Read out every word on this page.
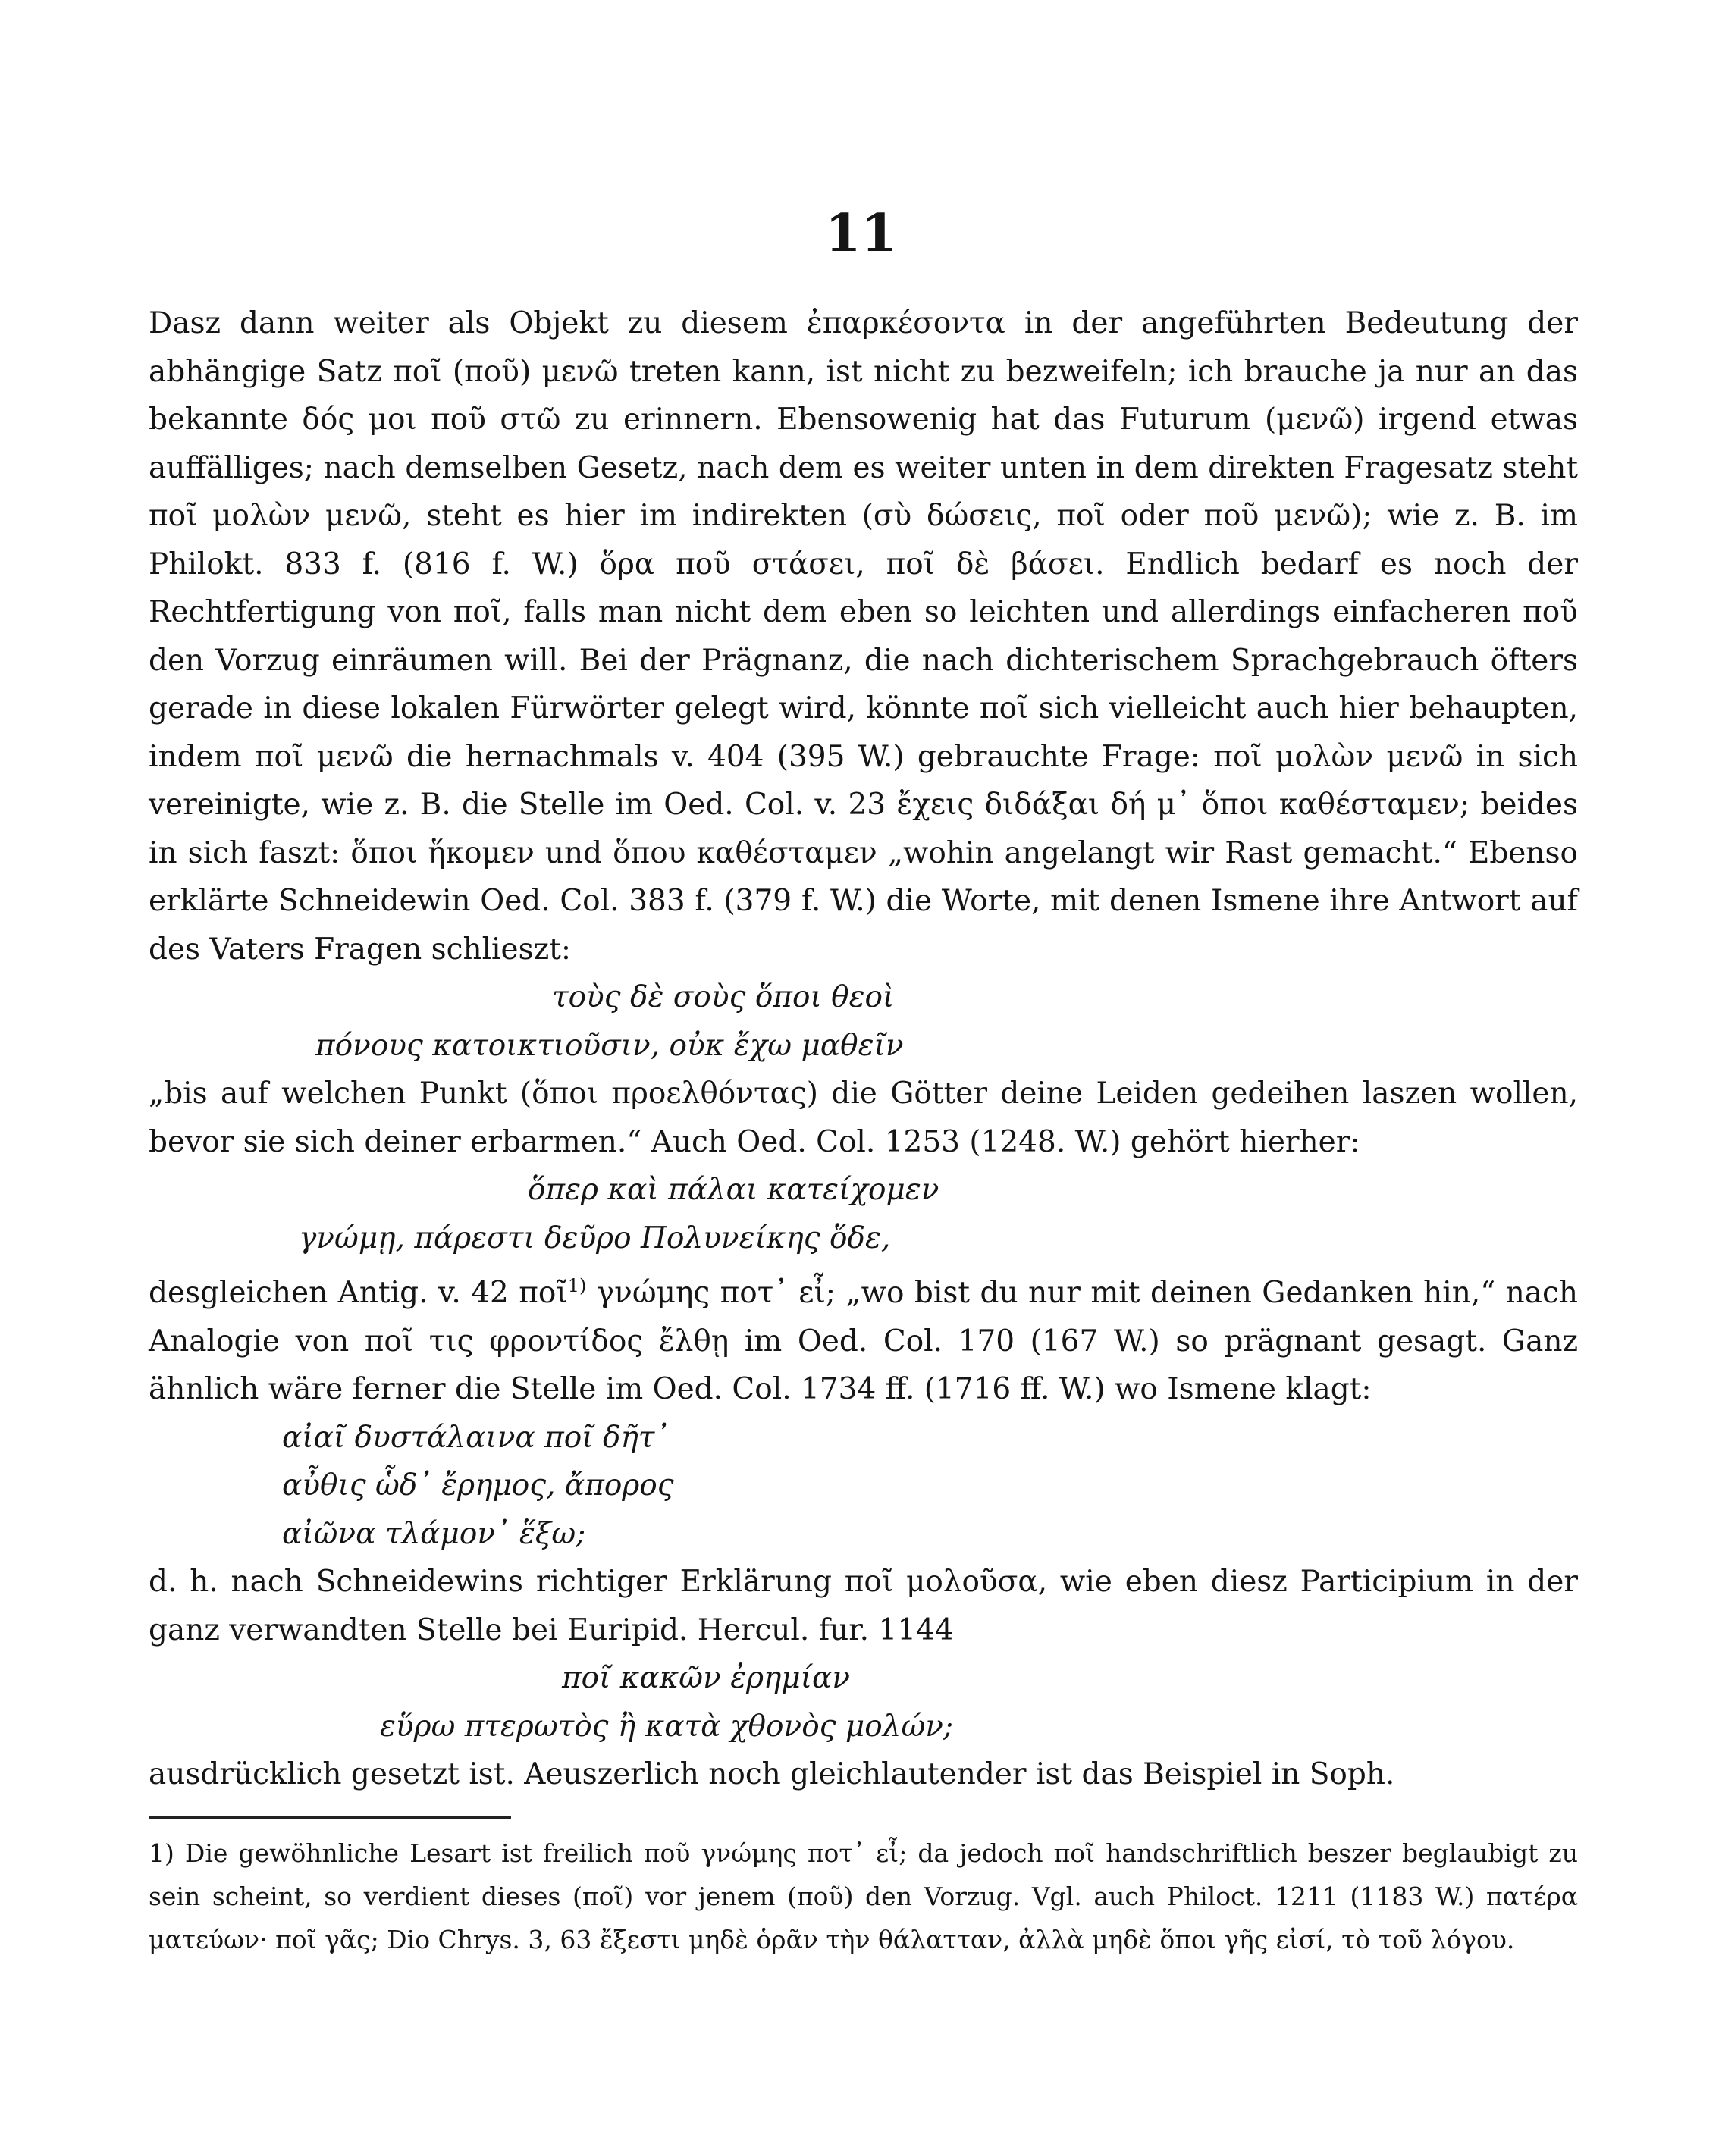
11

Dasz dann weiter als Objekt zu diesem ἐπαρκέσοντα in der angeführten Bedeutung der abhängige Satz ποῖ (ποῦ) μενῶ treten kann, ist nicht zu bezweifeln; ich brauche ja nur an das bekannte δός μοι ποῦ στῶ zu erinnern. Ebensowenig hat das Futurum (μενῶ) irgend etwas auffälliges; nach demselben Gesetz, nach dem es weiter unten in dem direkten Fragesatz steht ποῖ μολὼν μενῶ, steht es hier im indirekten (σὺ δώσεις, ποῖ oder ποῦ μενῶ); wie z. B. im Philokt. 833 f. (816 f. W.) ὅρα ποῦ στάσει, ποῖ δὲ βάσει. Endlich bedarf es noch der Rechtfertigung von ποῖ, falls man nicht dem eben so leichten und allerdings einfacheren ποῦ den Vorzug einräumen will. Bei der Prägnanz, die nach dichterischem Sprachgebrauch öfters gerade in diese lokalen Fürwörter gelegt wird, könnte ποῖ sich vielleicht auch hier behaupten, indem ποῖ μενῶ die hernachmals v. 404 (395 W.) gebrauchte Frage: ποῖ μολὼν μενῶ in sich vereinigte, wie z. B. die Stelle im Oed. Col. v. 23 ἔχεις διδάξαι δή μ᾽ ὅποι καθέσταμεν; beides in sich faszt: ὅποι ἥκομεν und ὅπου καθέσταμεν „wohin angelangt wir Rast gemacht.“ Ebenso erklärte Schneidewin Oed. Col. 383 f. (379 f. W.) die Worte, mit denen Ismene ihre Antwort auf des Vaters Fragen schlieszt:

τοὺς δὲ σοὺς ὅποι θεοὶ
πόνους κατοικτιοῦσιν, οὐκ ἔχω μαθεῖν

„bis auf welchen Punkt (ὅποι προελθόντας) die Götter deine Leiden gedeihen laszen wollen, bevor sie sich deiner erbarmen.“ Auch Oed. Col. 1253 (1248. W.) gehört hierher:

ὅπερ καὶ πάλαι κατείχομεν
γνώμῃ, πάρεστι δεῦρο Πολυνείκης ὅδε,

desgleichen Antig. v. 42 ποῖ$^{1)}$ γνώμης ποτ᾽ εἶ; „wo bist du nur mit deinen Gedanken hin,“ nach Analogie von ποῖ τις φροντίδος ἔλθῃ im Oed. Col. 170 (167 W.) so prägnant gesagt. Ganz ähnlich wäre ferner die Stelle im Oed. Col. 1734 ff. (1716 ff. W.) wo Ismene klagt:

αἰαῖ δυστάλαινα ποῖ δῆτ᾽
αὖθις ὧδ᾽ ἔρημος, ἄπορος
αἰῶνα τλάμον᾽ ἕξω;

d. h. nach Schneidewins richtiger Erklärung ποῖ μολοῦσα, wie eben diesz Participium in der ganz verwandten Stelle bei Euripid. Hercul. fur. 1144

ποῖ κακῶν ἐρημίαν
εὕρω πτερωτὸς ἢ κατὰ χθονὸς μολών;

ausdrücklich gesetzt ist. Aeuszerlich noch gleichlautender ist das Beispiel in Soph.

1) Die gewöhnliche Lesart ist freilich ποῦ γνώμης ποτ᾽ εἶ; da jedoch ποῖ handschriftlich beszer beglaubigt zu sein scheint, so verdient dieses (ποῖ) vor jenem (ποῦ) den Vorzug. Vgl. auch Philoct. 1211 (1183 W.) πατέρα ματεύων· ποῖ γᾶς; Dio Chrys. 3, 63 ἔξεστι μηδὲ ὁρᾶν τὴν θάλατταν, ἀλλὰ μηδὲ ὅποι γῆς εἰσί, τὸ τοῦ λόγου.
